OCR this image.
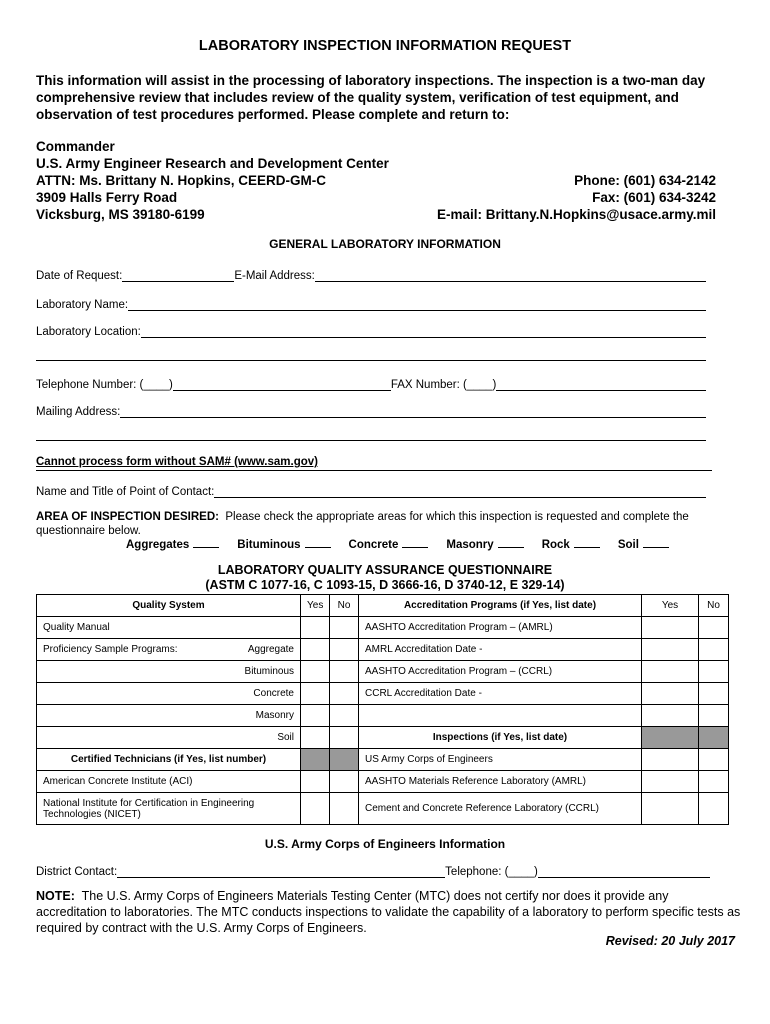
LABORATORY INSPECTION INFORMATION REQUEST
This information will assist in the processing of laboratory inspections. The inspection is a two-man day comprehensive review that includes review of the quality system, verification of test equipment, and observation of test procedures performed. Please complete and return to:
Commander
U.S. Army Engineer Research and Development Center
ATTN: Ms. Brittany N. Hopkins, CEERD-GM-C
3909 Halls Ferry Road
Vicksburg, MS 39180-6199
Phone: (601) 634-2142
Fax: (601) 634-3242
E-mail: Brittany.N.Hopkins@usace.army.mil
GENERAL LABORATORY INFORMATION
Date of Request:	E-Mail Address:
Laboratory Name:
Laboratory Location:
Telephone Number: (____)	FAX Number: (____)
Mailing Address:
Cannot process form without SAM# (www.sam.gov)
Name and Title of Point of Contact:
AREA OF INSPECTION DESIRED: Please check the appropriate areas for which this inspection is requested and complete the questionnaire below.
Aggregates	Bituminous	Concrete	Masonry	Rock	Soil
LABORATORY QUALITY ASSURANCE QUESTIONNAIRE
(ASTM C 1077-16, C 1093-15, D 3666-16, D 3740-12, E 329-14)
Quality System	Yes	No	Accreditation Programs (if Yes, list date)	Yes	No
Quality Manual			AASHTO Accreditation Program – (AMRL)		

Proficiency Sample Programs: Aggregate			AMRL Accreditation Date -		
Bituminous			AASHTO Accreditation Program – (CCRL)		
Concrete			CCRL Accreditation Date -		
Masonry					
Soil			Inspections (if Yes, list date)		
Certified Technicians (if Yes, list number)			US Army Corps of Engineers		
American Concrete Institute (ACI)			AASHTO Materials Reference Laboratory (AMRL)		
National Institute for Certification in Engineering Technologies (NICET)			Cement and Concrete Reference Laboratory (CCRL)		
U.S. Army Corps of Engineers Information
District Contact:	Telephone: (____)
NOTE: The U.S. Army Corps of Engineers Materials Testing Center (MTC) does not certify nor does it provide any accreditation to laboratories. The MTC conducts inspections to validate the capability of a laboratory to perform specific tests as required by contract with the U.S. Army Corps of Engineers.
Revised: 20 July 2017
